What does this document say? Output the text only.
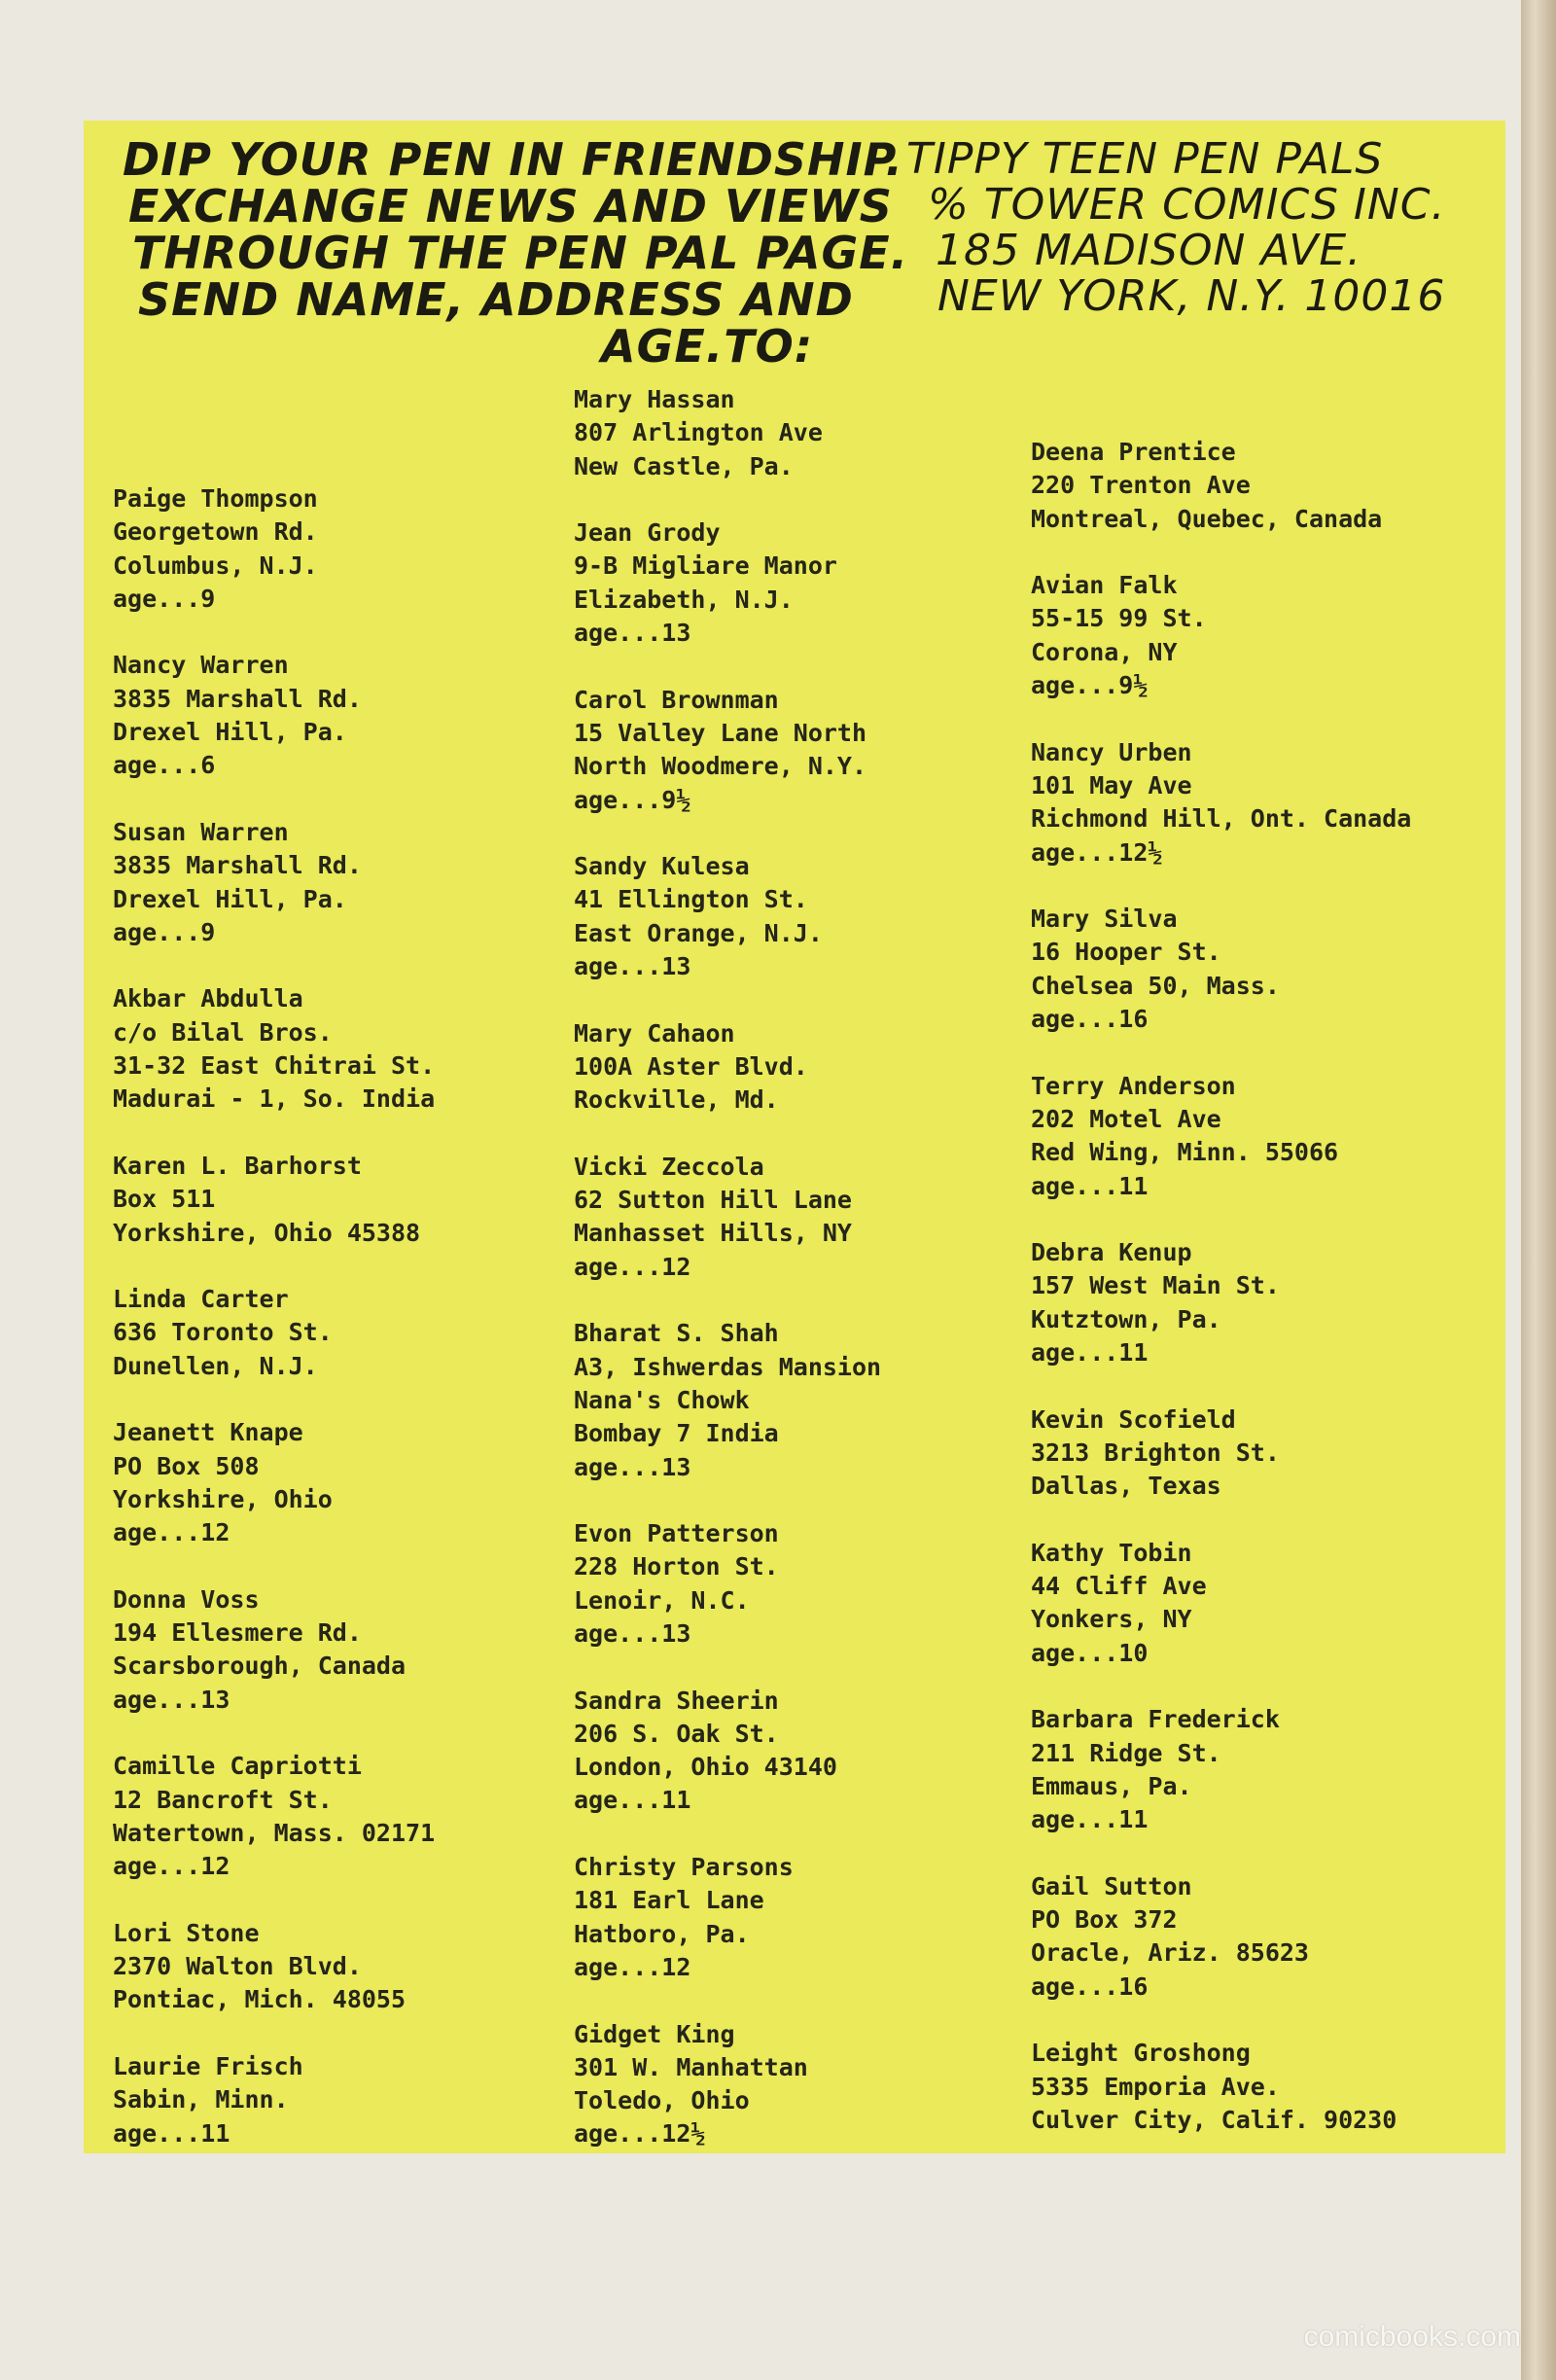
DIP YOUR PEN IN FRIENDSHIP.
EXCHANGE NEWS AND VIEWS
THROUGH THE PEN PAL PAGE.
SEND NAME, ADDRESS AND
AGE.TO:
TIPPY TEEN PEN PALS
% TOWER COMICS INC.
185 MADISON AVE.
NEW YORK, N.Y. 10016
Paige Thompson
Georgetown Rd.
Columbus, N.J.
age...9
Nancy Warren
3835 Marshall Rd.
Drexel Hill, Pa.
age...6
Susan Warren
3835 Marshall Rd.
Drexel Hill, Pa.
age...9
Akbar Abdulla
c/o Bilal Bros.
31-32 East Chitrai St.
Madurai - 1, So. India
Karen L. Barhorst
Box 511
Yorkshire, Ohio 45388
Linda Carter
636 Toronto St.
Dunellen, N.J.
Jeanett Knape
PO Box 508
Yorkshire, Ohio
age...12
Donna Voss
194 Ellesmere Rd.
Scarsborough, Canada
age...13
Camille Capriotti
12 Bancroft St.
Watertown, Mass. 02171
age...12
Lori Stone
2370 Walton Blvd.
Pontiac, Mich. 48055
Laurie Frisch
Sabin, Minn.
age...11
Mary Hassan
807 Arlington Ave
New Castle, Pa.
Jean Grody
9-B Migliare Manor
Elizabeth, N.J.
age...13
Carol Brownman
15 Valley Lane North
North Woodmere, N.Y.
age...9½
Sandy Kulesa
41 Ellington St.
East Orange, N.J.
age...13
Mary Cahaon
100A Aster Blvd.
Rockville, Md.
Vicki Zeccola
62 Sutton Hill Lane
Manhasset Hills, NY
age...12
Bharat S. Shah
A3, Ishwerdas Mansion
Nana's Chowk
Bombay 7 India
age...13
Evon Patterson
228 Horton St.
Lenoir, N.C.
age...13
Sandra Sheerin
206 S. Oak St.
London, Ohio 43140
age...11
Christy Parsons
181 Earl Lane
Hatboro, Pa.
age...12
Gidget King
301 W. Manhattan
Toledo, Ohio
age...12½
Deena Prentice
220 Trenton Ave
Montreal, Quebec, Canada
Avian Falk
55-15 99 St.
Corona, NY
age...9½
Nancy Urben
101 May Ave
Richmond Hill, Ont. Canada
age...12½
Mary Silva
16 Hooper St.
Chelsea 50, Mass.
age...16
Terry Anderson
202 Motel Ave
Red Wing, Minn. 55066
age...11
Debra Kenup
157 West Main St.
Kutztown, Pa.
age...11
Kevin Scofield
3213 Brighton St.
Dallas, Texas
Kathy Tobin
44 Cliff Ave
Yonkers, NY
age...10
Barbara Frederick
211 Ridge St.
Emmaus, Pa.
age...11
Gail Sutton
PO Box 372
Oracle, Ariz. 85623
age...16
Leight Groshong
5335 Emporia Ave.
Culver City, Calif. 90230
comicbooks.com
